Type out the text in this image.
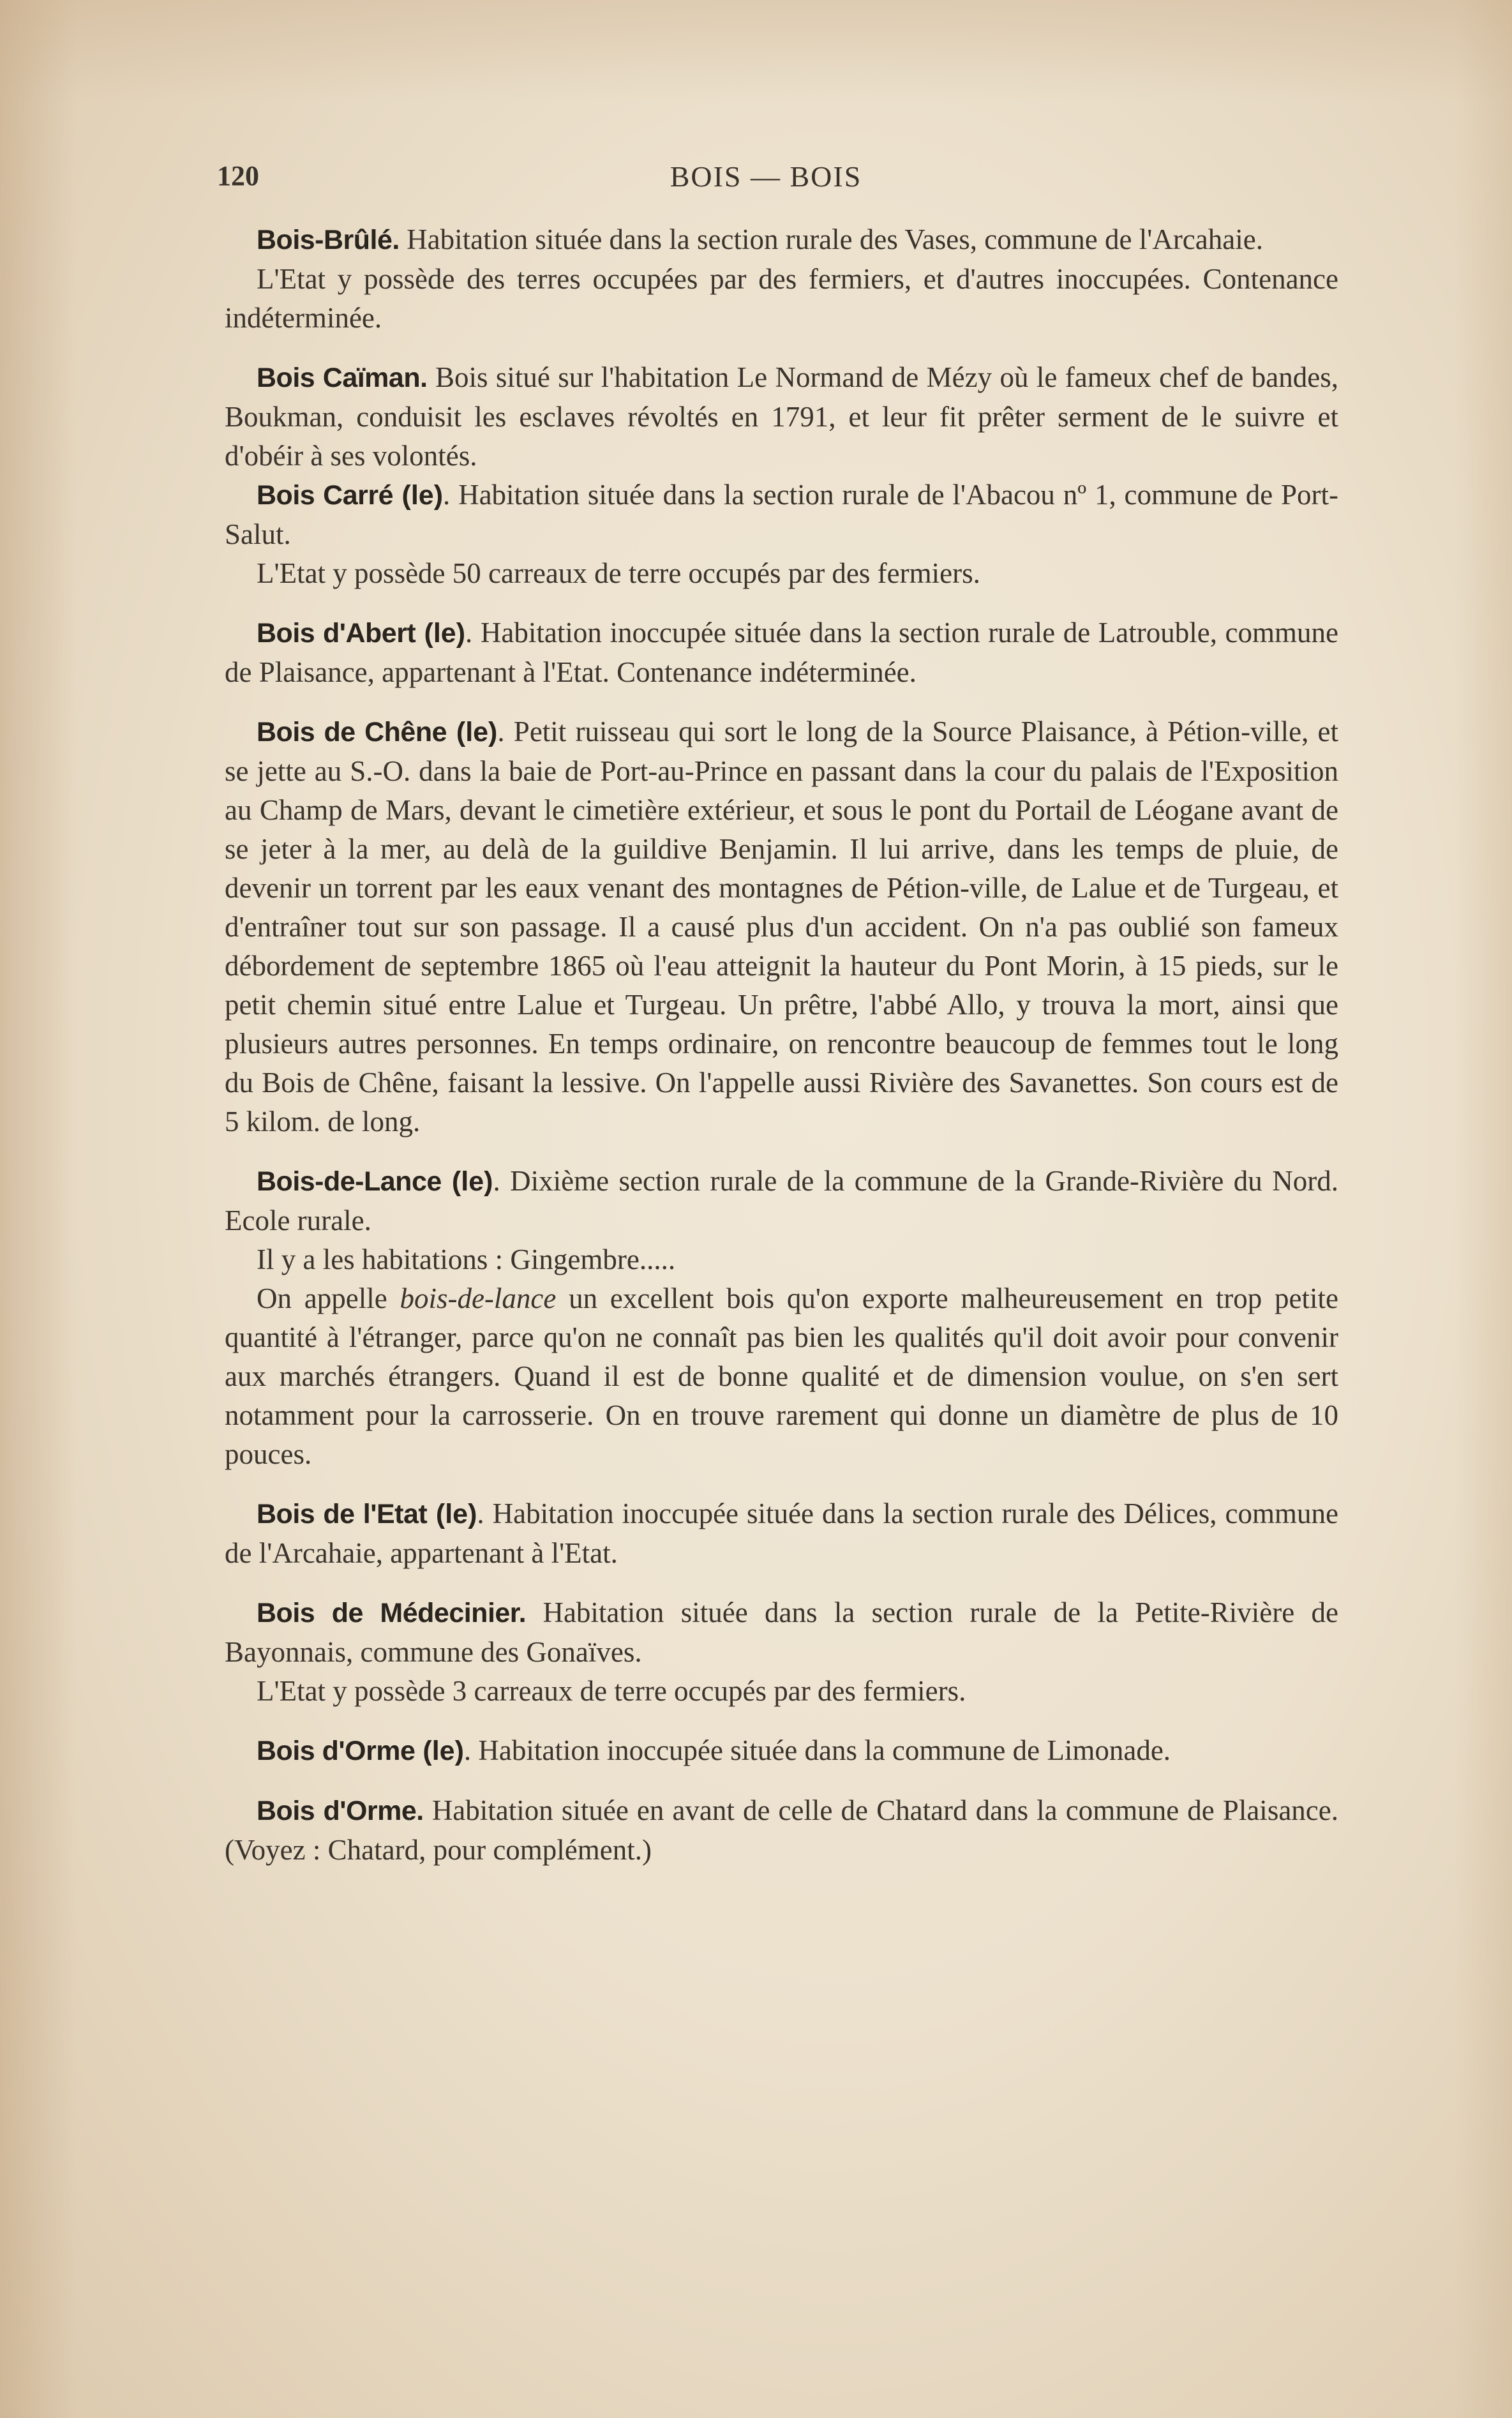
120	BOIS — BOIS

Bois-Brûlé. Habitation située dans la section rurale des Vases, commune de l'Arcahaie.

L'Etat y possède des terres occupées par des fermiers, et d'autres inoccupées. Contenance indéterminée.

Bois Caïman. Bois situé sur l'habitation Le Normand de Mézy où le fameux chef de bandes, Boukman, conduisit les esclaves révoltés en 1791, et leur fit prêter serment de le suivre et d'obéir à ses volontés.

Bois Carré (le). Habitation située dans la section rurale de l'Abacou nº 1, commune de Port-Salut.

L'Etat y possède 50 carreaux de terre occupés par des fermiers.

Bois d'Abert (le). Habitation inoccupée située dans la section rurale de Latrouble, commune de Plaisance, appartenant à l'Etat. Contenance indéterminée.

Bois de Chêne (le). Petit ruisseau qui sort le long de la Source Plaisance, à Pétion-ville, et se jette au S.-O. dans la baie de Port-au-Prince en passant dans la cour du palais de l'Exposition au Champ de Mars, devant le cimetière extérieur, et sous le pont du Portail de Léogane avant de se jeter à la mer, au delà de la guildive Benjamin. Il lui arrive, dans les temps de pluie, de devenir un torrent par les eaux venant des montagnes de Pétion-ville, de Lalue et de Turgeau, et d'entraîner tout sur son passage. Il a causé plus d'un accident. On n'a pas oublié son fameux débordement de septembre 1865 où l'eau atteignit la hauteur du Pont Morin, à 15 pieds, sur le petit chemin situé entre Lalue et Turgeau. Un prêtre, l'abbé Allo, y trouva la mort, ainsi que plusieurs autres personnes. En temps ordinaire, on rencontre beaucoup de femmes tout le long du Bois de Chêne, faisant la lessive. On l'appelle aussi Rivière des Savanettes. Son cours est de 5 kilom. de long.

Bois-de-Lance (le). Dixième section rurale de la commune de la Grande-Rivière du Nord. Ecole rurale.

Il y a les habitations : Gingembre.....

On appelle bois-de-lance un excellent bois qu'on exporte malheureusement en trop petite quantité à l'étranger, parce qu'on ne connaît pas bien les qualités qu'il doit avoir pour convenir aux marchés étrangers. Quand il est de bonne qualité et de dimension voulue, on s'en sert notamment pour la carrosserie. On en trouve rarement qui donne un diamètre de plus de 10 pouces.

Bois de l'Etat (le). Habitation inoccupée située dans la section rurale des Délices, commune de l'Arcahaie, appartenant à l'Etat.

Bois de Médecinier. Habitation située dans la section rurale de la Petite-Rivière de Bayonnais, commune des Gonaïves.

L'Etat y possède 3 carreaux de terre occupés par des fermiers.

Bois d'Orme (le). Habitation inoccupée située dans la commune de Limonade.

Bois d'Orme. Habitation située en avant de celle de Chatard dans la commune de Plaisance. (Voyez : Chatard, pour complément.)
